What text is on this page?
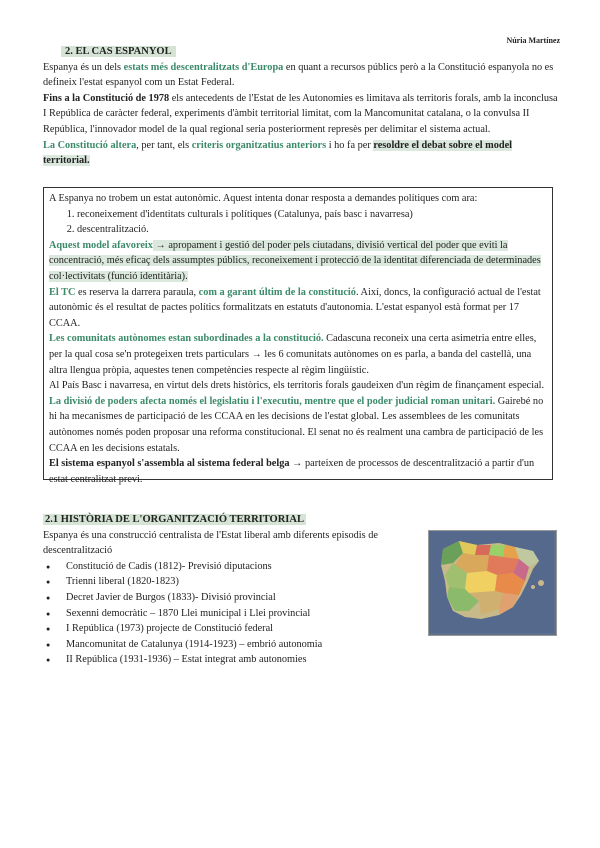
Núria Martínez
2. EL CAS ESPANYOL
Espanya és un dels estats més descentralitzats d'Europa en quant a recursos públics però a la Constitució espanyola no es defineix l'estat espanyol com un Estat Federal.
Fins a la Constitució de 1978 els antecedents de l'Estat de les Autonomies es limitava als territoris forals, amb la inconclusa I República de caràcter federal, experiments d'àmbit territorial limitat, com la Mancomunitat catalana, o la convulsa II República, l'innovador model de la qual regional seria posteriorment represès per delimitar el sistema actual.
La Constitució altera, per tant, els criteris organitzatius anteriors i ho fa per resoldre el debat sobre el model territorial.
A Espanya no trobem un estat autonòmic. Aquest intenta donar resposta a demandes polítiques com ara:
1. reconeixement d'identitats culturals i polítiques (Catalunya, país basc i navarresa)
2. descentralització.
Aquest model afavoreix → apropament i gestió del poder pels ciutadans, divisió vertical del poder que eviti la concentració, més eficaç dels assumptes públics, reconeixement i protecció de la identitat diferenciada de determinades col·lectivitats (funció identitària).
El TC es reserva la darrera paraula, com a garant últim de la constitució. Així, doncs, la configuració actual de l'estat autonòmic és el resultat de pactes polítics formalitzats en estatuts d'autonomia. L'estat espanyol està format per 17 CCAA.
Les comunitats autònomes estan subordinades a la constitució. Cadascuna reconeix una certa asimetria entre elles, per la qual cosa se'n protegeixen trets particulars → les 6 comunitats autònomes on es parla, a banda del castellà, una altra llengua pròpia, aquestes tenen competències respecte al règim lingüístic.
Al País Basc i navarresa, en virtut dels drets històrics, els territoris forals gaudeixen d'un règim de finançament especial.
La divisió de poders afecta només el legislatiu i l'executiu, mentre que el poder judicial roman unitari. Gairebé no hi ha mecanismes de participació de les CCAA en les decisions de l'estat global. Les assemblees de les comunitats autònomes només poden proposar una reforma constitucional. El senat no és realment una cambra de participació de les CCAA en les decisions estatals.
El sistema espanyol s'assembla al sistema federal belga → parteixen de processos de descentralització a partir d'un estat centralitzat previ.
2.1 HISTÒRIA DE L'ORGANITZACIÓ TERRITORIAL
Espanya és una construcció centralista de l'Estat liberal amb diferents episodis de descentralització
● Constitució de Cadis (1812)- Previsió diputacions
● Trienni liberal (1820-1823)
● Decret Javier de Burgos (1833)- Divisió provincial
● Sexenni democràtic – 1870 Llei municipal i Llei provincial
● I República (1973) projecte de Constitució federal
● Mancomunitat de Catalunya (1914-1923) – embrió autonomia
● II República (1931-1936) – Estat integrat amb autonomies
